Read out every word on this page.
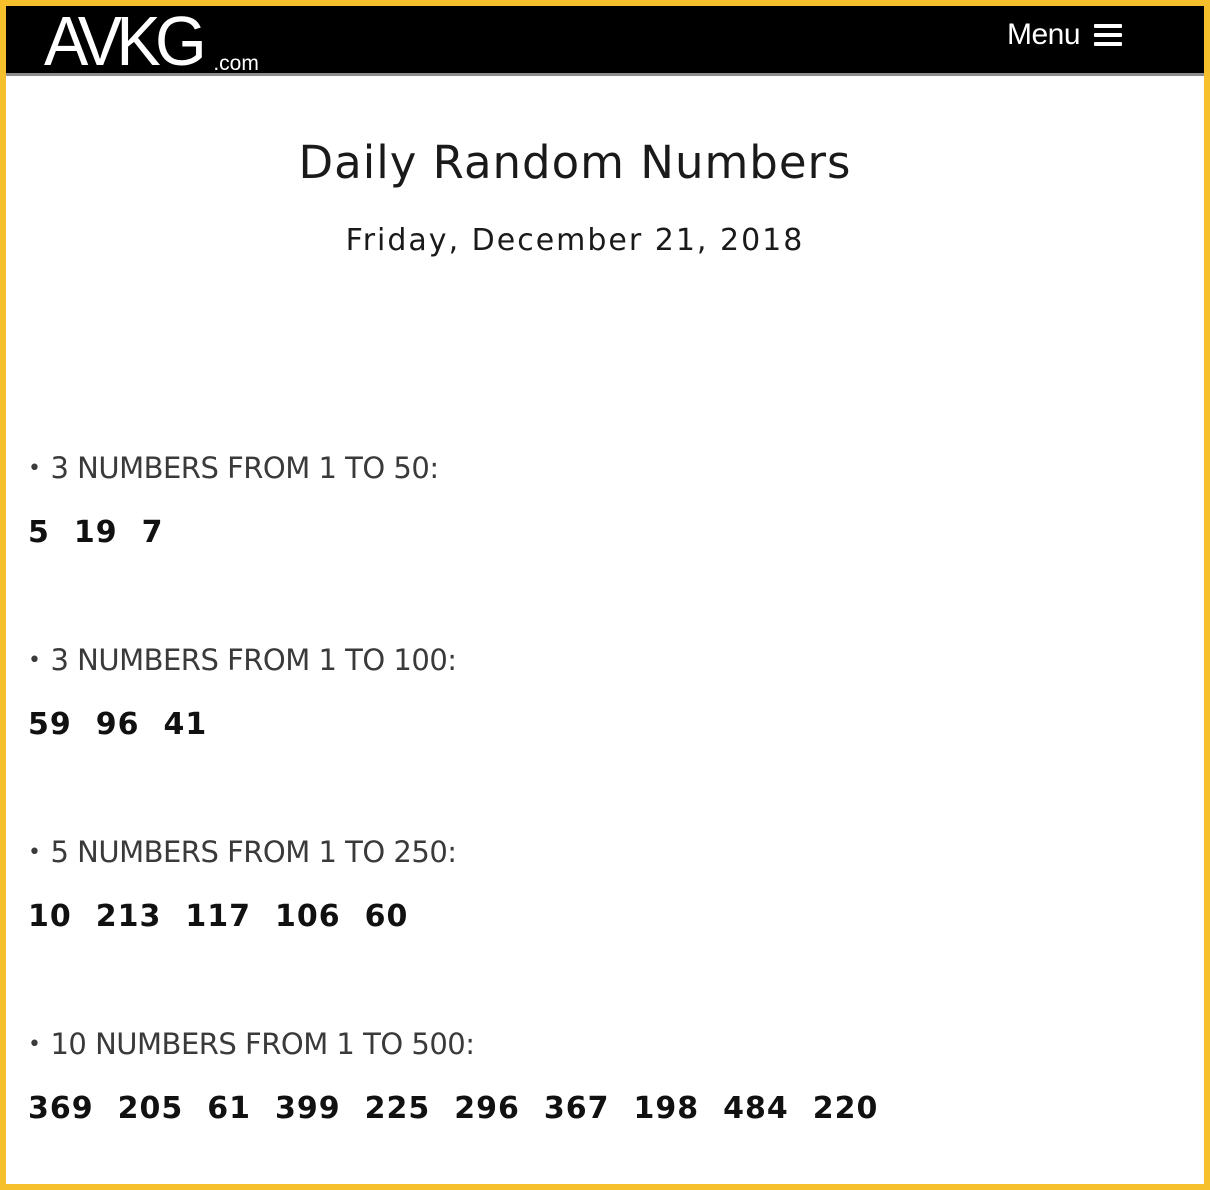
AVKG .com
Menu
Daily Random Numbers
Friday, December 21, 2018

• 3 NUMBERS FROM 1 TO 50:

5 19 7

• 3 NUMBERS FROM 1 TO 100:

59 96 41

• 5 NUMBERS FROM 1 TO 250:

10 213 117 106 60

• 10 NUMBERS FROM 1 TO 500:

369 205 61 399 225 296 367 198 484 220
